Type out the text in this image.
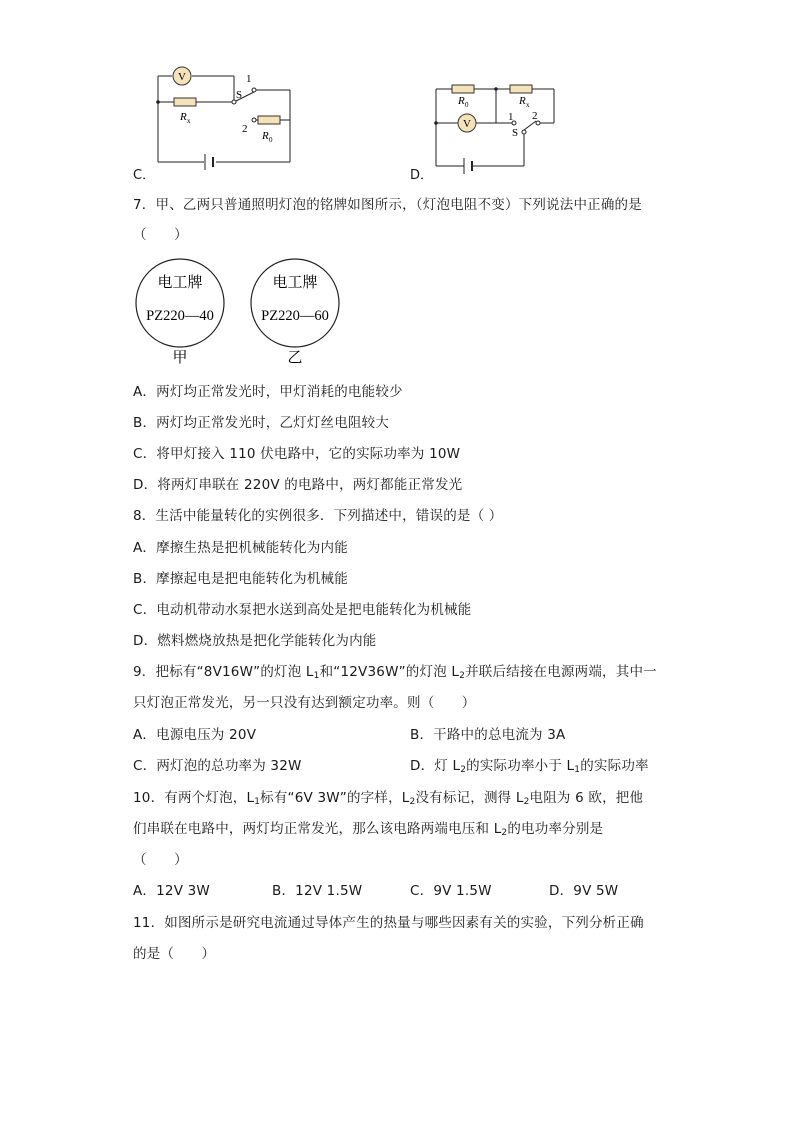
V
S
1
2
R x
R 0
C．
V
S
1 2
R 0	R x
D．
7．甲、乙两只普通照明灯泡的铭牌如图所示，（灯泡电阻不变）下列说法中正确的是
（　　）
电工牌
PZ220—40
电工牌
PZ220—60
甲	乙
A．两灯均正常发光时，甲灯消耗的电能较少
B．两灯均正常发光时，乙灯灯丝电阻较大
C．将甲灯接入 110 伏电路中，它的实际功率为 10W
D．将两灯串联在 220V 的电路中，两灯都能正常发光
8．生活中能量转化的实例很多．下列描述中，错误的是（ ）
A．摩擦生热是把机械能转化为内能
B．摩擦起电是把电能转化为机械能
C．电动机带动水泵把水送到高处是把电能转化为机械能
D．燃料燃烧放热是把化学能转化为内能
9．把标有“8V16W”的灯泡 $L_1$和“12V36W”的灯泡 $L_2$并联后结接在电源两端，其中一
只灯泡正常发光，另一只没有达到额定功率。则（　　）
A．电源电压为 20V	B．干路中的总电流为 3A
C．两灯泡的总功率为 32W	D．灯 $L_2$的实际功率小于 $L_1$的实际功率
10．有两个灯泡，$L_1$标有“6V 3W”的字样，$L_2$没有标记，测得 $L_2$电阻为 6 欧，把他
们串联在电路中，两灯均正常发光，那么该电路两端电压和 $L_2$的电功率分别是
（　　）
A．12V 3W	B．12V 1.5W	C．9V 1.5W	D．9V 5W
11．如图所示是研究电流通过导体产生的热量与哪些因素有关的实验，下列分析正确
的是（　　）
